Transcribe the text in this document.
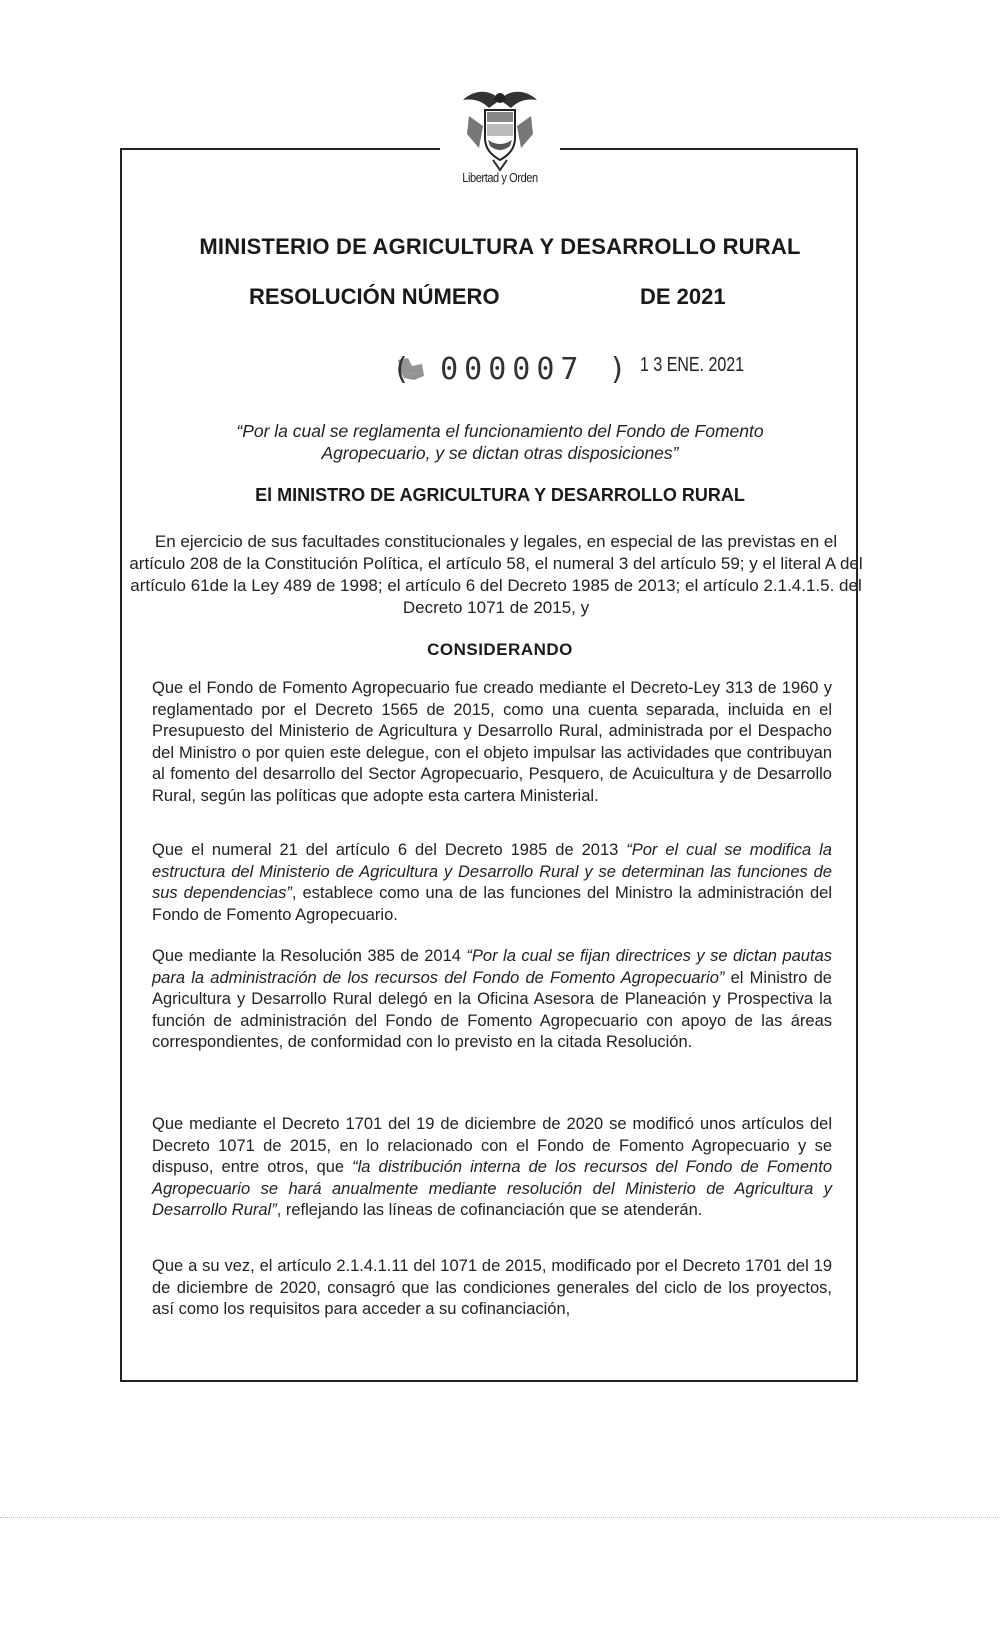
Libertad y Orden
MINISTERIO DE AGRICULTURA Y DESARROLLO RURAL
RESOLUCIÓN NÚMERO	DE 2021
( 000007 ) 1 3 ENE. 2021
“Por la cual se reglamenta el funcionamiento del Fondo de Fomento Agropecuario, y se dictan otras disposiciones”
El MINISTRO DE AGRICULTURA Y DESARROLLO RURAL
En ejercicio de sus facultades constitucionales y legales, en especial de las previstas en el artículo 208 de la Constitución Política, el artículo 58, el numeral 3 del artículo 59; y el literal A del artículo 61de la Ley 489 de 1998; el artículo 6 del Decreto 1985 de 2013; el artículo 2.1.4.1.5. del Decreto 1071 de 2015, y
CONSIDERANDO
Que el Fondo de Fomento Agropecuario fue creado mediante el Decreto-Ley 313 de 1960 y reglamentado por el Decreto 1565 de 2015, como una cuenta separada, incluida en el Presupuesto del Ministerio de Agricultura y Desarrollo Rural, administrada por el Despacho del Ministro o por quien este delegue, con el objeto impulsar las actividades que contribuyan al fomento del desarrollo del Sector Agropecuario, Pesquero, de Acuicultura y de Desarrollo Rural, según las políticas que adopte esta cartera Ministerial.
Que el numeral 21 del artículo 6 del Decreto 1985 de 2013 “Por el cual se modifica la estructura del Ministerio de Agricultura y Desarrollo Rural y se determinan las funciones de sus dependencias”, establece como una de las funciones del Ministro la administración del Fondo de Fomento Agropecuario.
Que mediante la Resolución 385 de 2014 “Por la cual se fijan directrices y se dictan pautas para la administración de los recursos del Fondo de Fomento Agropecuario” el Ministro de Agricultura y Desarrollo Rural delegó en la Oficina Asesora de Planeación y Prospectiva la función de administración del Fondo de Fomento Agropecuario con apoyo de las áreas correspondientes, de conformidad con lo previsto en la citada Resolución.
Que mediante el Decreto 1701 del 19 de diciembre de 2020 se modificó unos artículos del Decreto 1071 de 2015, en lo relacionado con el Fondo de Fomento Agropecuario y se dispuso, entre otros, que “la distribución interna de los recursos del Fondo de Fomento Agropecuario se hará anualmente mediante resolución del Ministerio de Agricultura y Desarrollo Rural”, reflejando las líneas de cofinanciación que se atenderán.
Que a su vez, el artículo 2.1.4.1.11 del 1071 de 2015, modificado por el Decreto 1701 del 19 de diciembre de 2020, consagró que las condiciones generales del ciclo de los proyectos, así como los requisitos para acceder a su cofinanciación,
